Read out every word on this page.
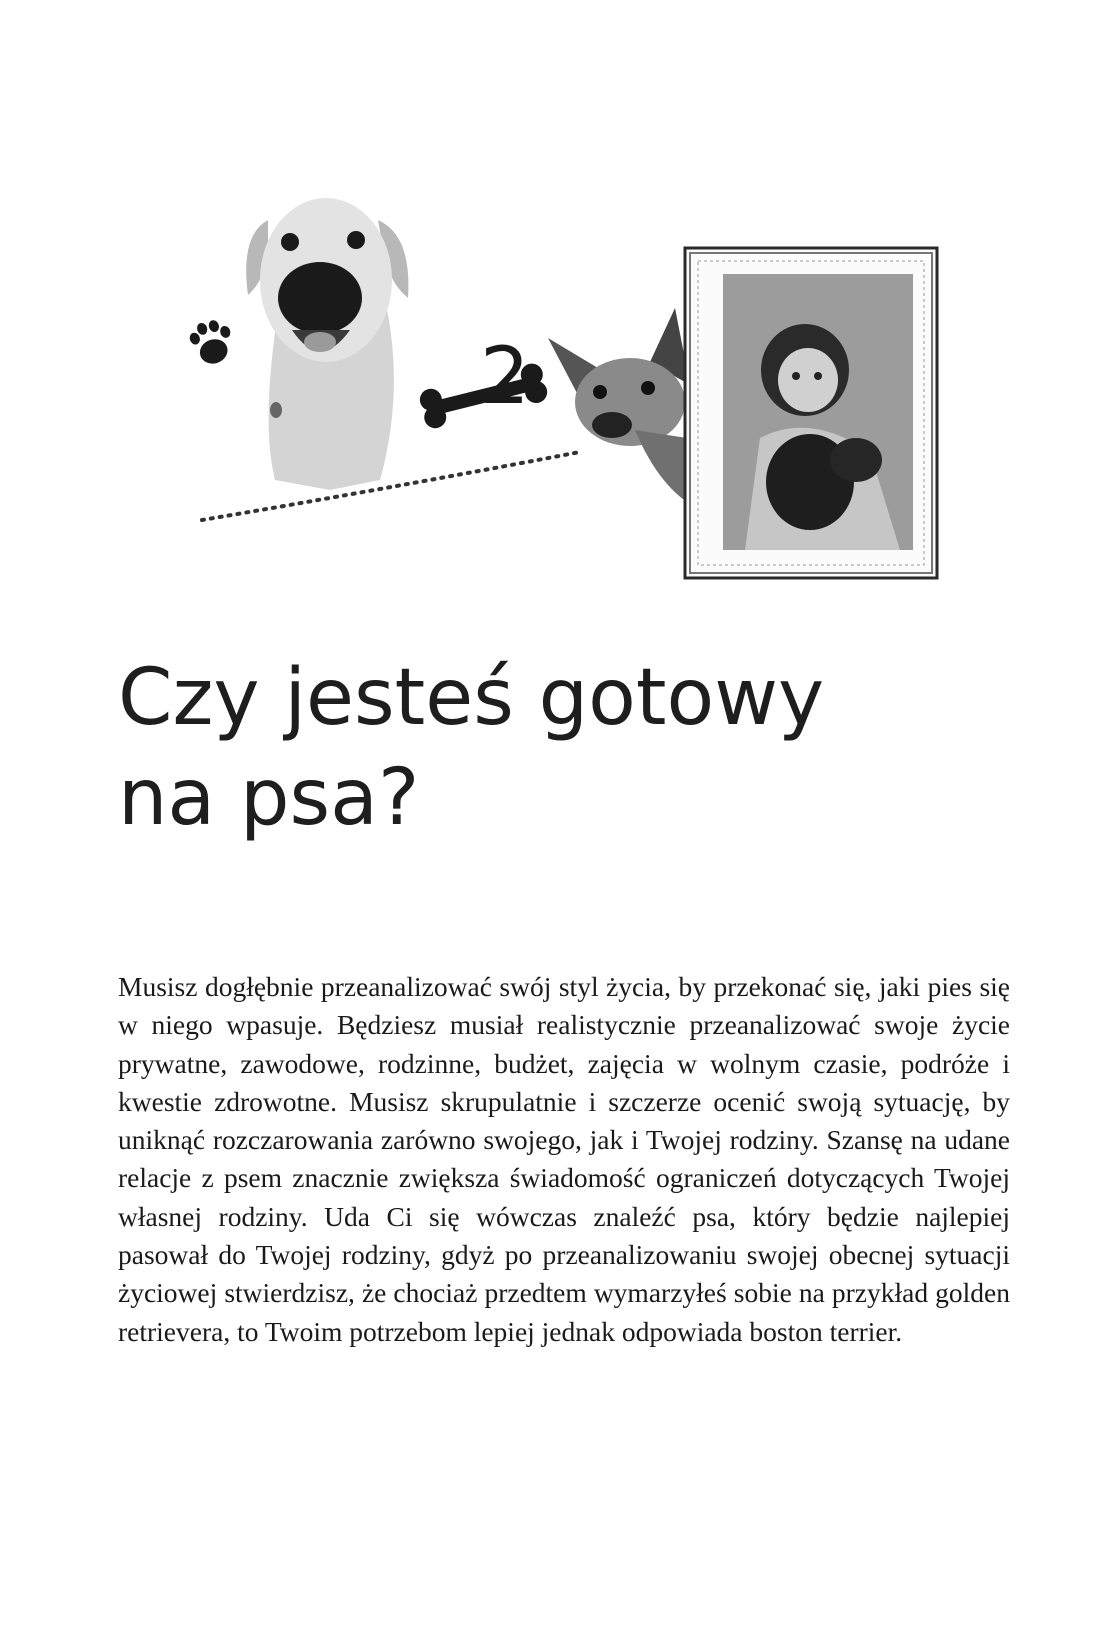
2
Czy jesteś gotowy
na psa?

Musisz dogłębnie przeanalizować swój styl życia, by przekonać się, jaki pies się w niego wpasuje. Będziesz musiał realistycznie przeanalizować swoje życie prywatne, zawodowe, rodzinne, budżet, zajęcia w wolnym czasie, podróże i kwestie zdrowotne. Musisz skrupulatnie i szczerze ocenić swoją sytuację, by uniknąć rozczarowania zarówno swojego, jak i Twojej rodziny. Szansę na udane relacje z psem znacznie zwiększa świadomość ograniczeń dotyczących Twojej własnej rodziny. Uda Ci się wówczas znaleźć psa, który będzie najlepiej pasował do Twojej rodziny, gdyż po przeanalizowaniu swojej obecnej sytuacji życiowej stwierdzisz, że chociaż przedtem wymarzyłeś sobie na przykład golden retrievera, to Twoim potrzebom lepiej jednak odpowiada boston terrier.
